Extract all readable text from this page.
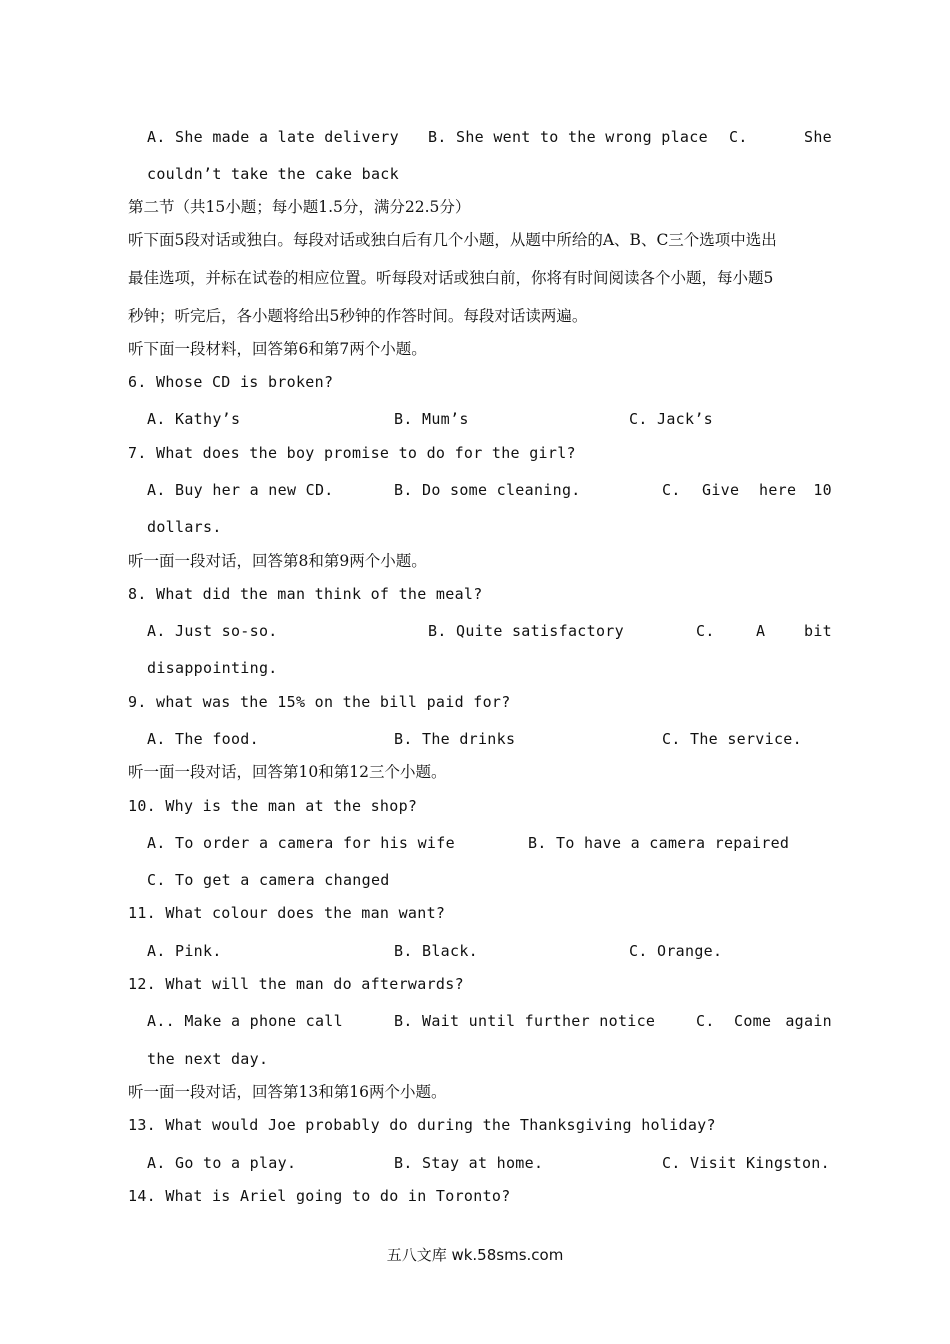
A. She made a late delivery B. She went to the wrong place C.	She
couldn’t take the cake back
第二节（共15小题；每小题1.5分，满分22.5分）
听下面5段对话或独白。每段对话或独白后有几个小题，从题中所给的A、B、C三个选项中选出
最佳选项，并标在试卷的相应位置。听每段对话或独白前，你将有时间阅读各个小题，每小题5
秒钟；听完后，各小题将给出5秒钟的作答时间。每段对话读两遍。
听下面一段材料，回答第6和第7两个小题。
6. Whose CD is broken?
A. Kathy’s	B. Mum’s	C. Jack’s
7. What does the boy promise to do for the girl?
A. Buy her a new CD.	B. Do some cleaning.	C. Give here 10
dollars.
听一面一段对话，回答第8和第9两个小题。
8. What did the man think of the meal?
A. Just so-so.	B. Quite satisfactory	C.	A	bit
disappointing.
9. what was the 15% on the bill paid for?
A. The food.	B. The drinks	C. The service.
听一面一段对话，回答第10和第12三个小题。
10. Why is the man at the shop?
A. To order a camera for his wife	B. To have a camera repaired
C. To get a camera changed
11. What colour does the man want?
A. Pink.	B. Black.	C. Orange.
12. What will the man do afterwards?
A.. Make a phone call	B. Wait until further notice	C. Come again
the next day.
听一面一段对话，回答第13和第16两个小题。
13. What would Joe probably do during the Thanksgiving holiday?
A. Go to a play.	B. Stay at home.	C. Visit Kingston.
14. What is Ariel going to do in Toronto?
五八文库 wk.58sms.com
